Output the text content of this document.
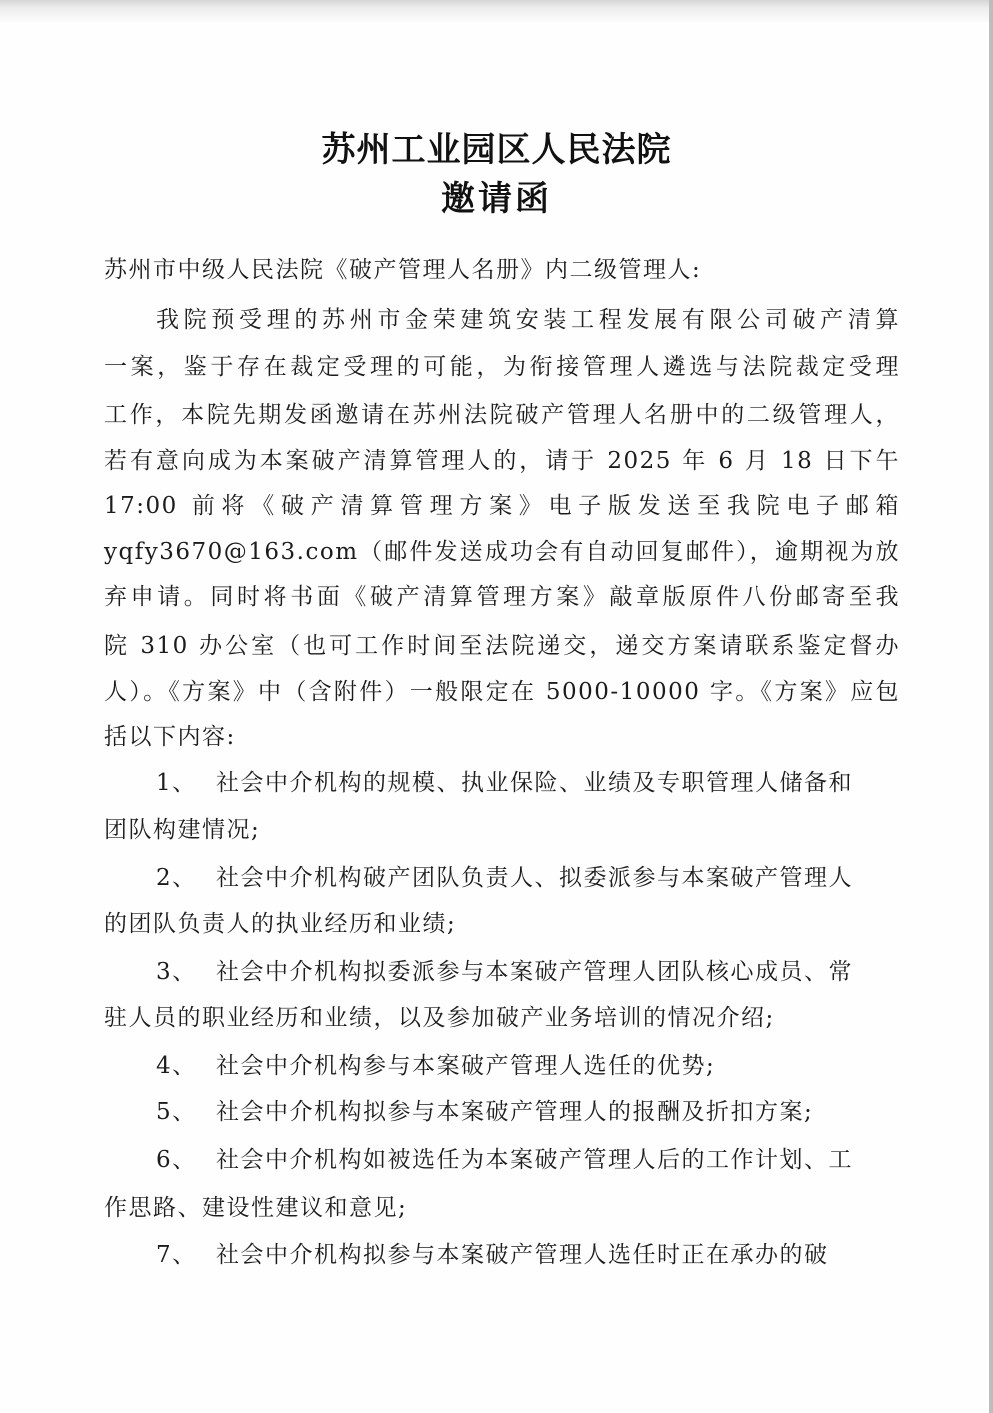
苏州工业园区人民法院
邀请函

苏州市中级人民法院《破产管理人名册》内二级管理人:

我院预受理的苏州市金荣建筑安装工程发展有限公司破产清算

一案，鉴于存在裁定受理的可能，为衔接管理人遴选与法院裁定受理

工作，本院先期发函邀请在苏州法院破产管理人名册中的二级管理人，

若有意向成为本案破产清算管理人的，请于 2025 年 6 月 18 日下午

17:00 前将《破产清算管理方案》电子版发送至我院电子邮箱

yqfy3670@163.com（邮件发送成功会有自动回复邮件），逾期视为放

弃申请。同时将书面《破产清算管理方案》敲章版原件八份邮寄至我

院 310 办公室（也可工作时间至法院递交，递交方案请联系鉴定督办

人）。《方案》中（含附件）一般限定在 5000-10000 字。《方案》应包

括以下内容:

1、 社会中介机构的规模、执业保险、业绩及专职管理人储备和

团队构建情况;

2、 社会中介机构破产团队负责人、拟委派参与本案破产管理人

的团队负责人的执业经历和业绩;

3、 社会中介机构拟委派参与本案破产管理人团队核心成员、常

驻人员的职业经历和业绩，以及参加破产业务培训的情况介绍;

4、 社会中介机构参与本案破产管理人选任的优势;

5、 社会中介机构拟参与本案破产管理人的报酬及折扣方案;

6、 社会中介机构如被选任为本案破产管理人后的工作计划、工

作思路、建设性建议和意见;

7、 社会中介机构拟参与本案破产管理人选任时正在承办的破
